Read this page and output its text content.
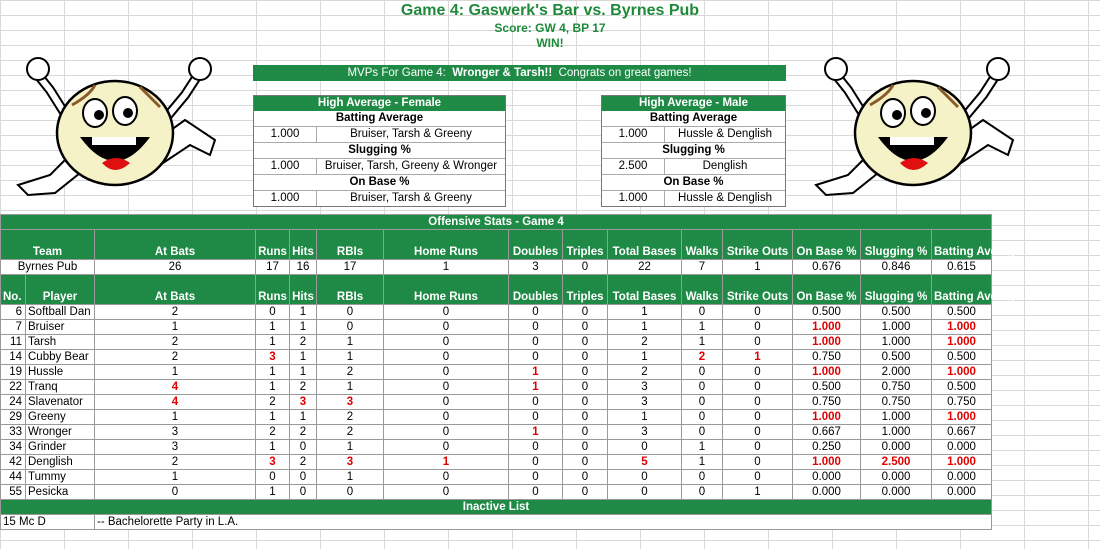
Game 4: Gaswerk's Bar vs. Byrnes Pub
Score: GW 4, BP 17
WIN!
MVPs For Game 4: Wronger & Tarsh!! Congrats on great games!
High Average - Female
Batting Average
1.000	Bruiser, Tarsh & Greeny
Slugging %
1.000	Bruiser, Tarsh, Greeny & Wronger
On Base %
1.000	Bruiser, Tarsh & Greeny
High Average - Male
Batting Average
1.000	Hussle & Denglish
Slugging %
2.500	Denglish
On Base %
1.000	Hussle & Denglish
Offensive Stats - Game 4														
Team		At Bats	Runs	Hits	RBIs	Home Runs	Doubles	Triples	Total Bases	Walks	Strike Outs	On Base %	Slugging %	Batting Average
Byrnes Pub		26	17	16	17	1	3	0	22	7	1	0.676	0.846	0.615
No.	Player	At Bats	Runs	Hits	RBIs	Home Runs	Doubles	Triples	Total Bases	Walks	Strike Outs	On Base %	Slugging %	Batting Average
6	Softball Dan	2	0	1	0	0	0	0	1	0	0	0.500	0.500	0.500
7	Bruiser	1	1	1	0	0	0	0	1	1	0	1.000	1.000	1.000
11	Tarsh	2	1	2	1	0	0	0	2	1	0	1.000	1.000	1.000
14	Cubby Bear	2	3	1	1	0	0	0	1	2	1	0.750	0.500	0.500
19	Hussle	1	1	1	2	0	1	0	2	0	0	1.000	2.000	1.000
22	Tranq	4	1	2	1	0	1	0	3	0	0	0.500	0.750	0.500
24	Slavenator	4	2	3	3	0	0	0	3	0	0	0.750	0.750	0.750
29	Greeny	1	1	1	2	0	0	0	1	0	0	1.000	1.000	1.000
33	Wronger	3	2	2	2	0	1	0	3	0	0	0.667	1.000	0.667
34	Grinder	3	1	0	1	0	0	0	0	1	0	0.250	0.000	0.000
42	Denglish	2	3	2	3	1	0	0	5	1	0	1.000	2.500	1.000
44	Tummy	1	0	0	1	0	0	0	0	0	0	0.000	0.000	0.000
55	Pesicka	0	1	0	0	0	0	0	0	0	1	0.000	0.000	0.000
Inactive List
15 Mc D	-- Bachelorette Party in L.A.
